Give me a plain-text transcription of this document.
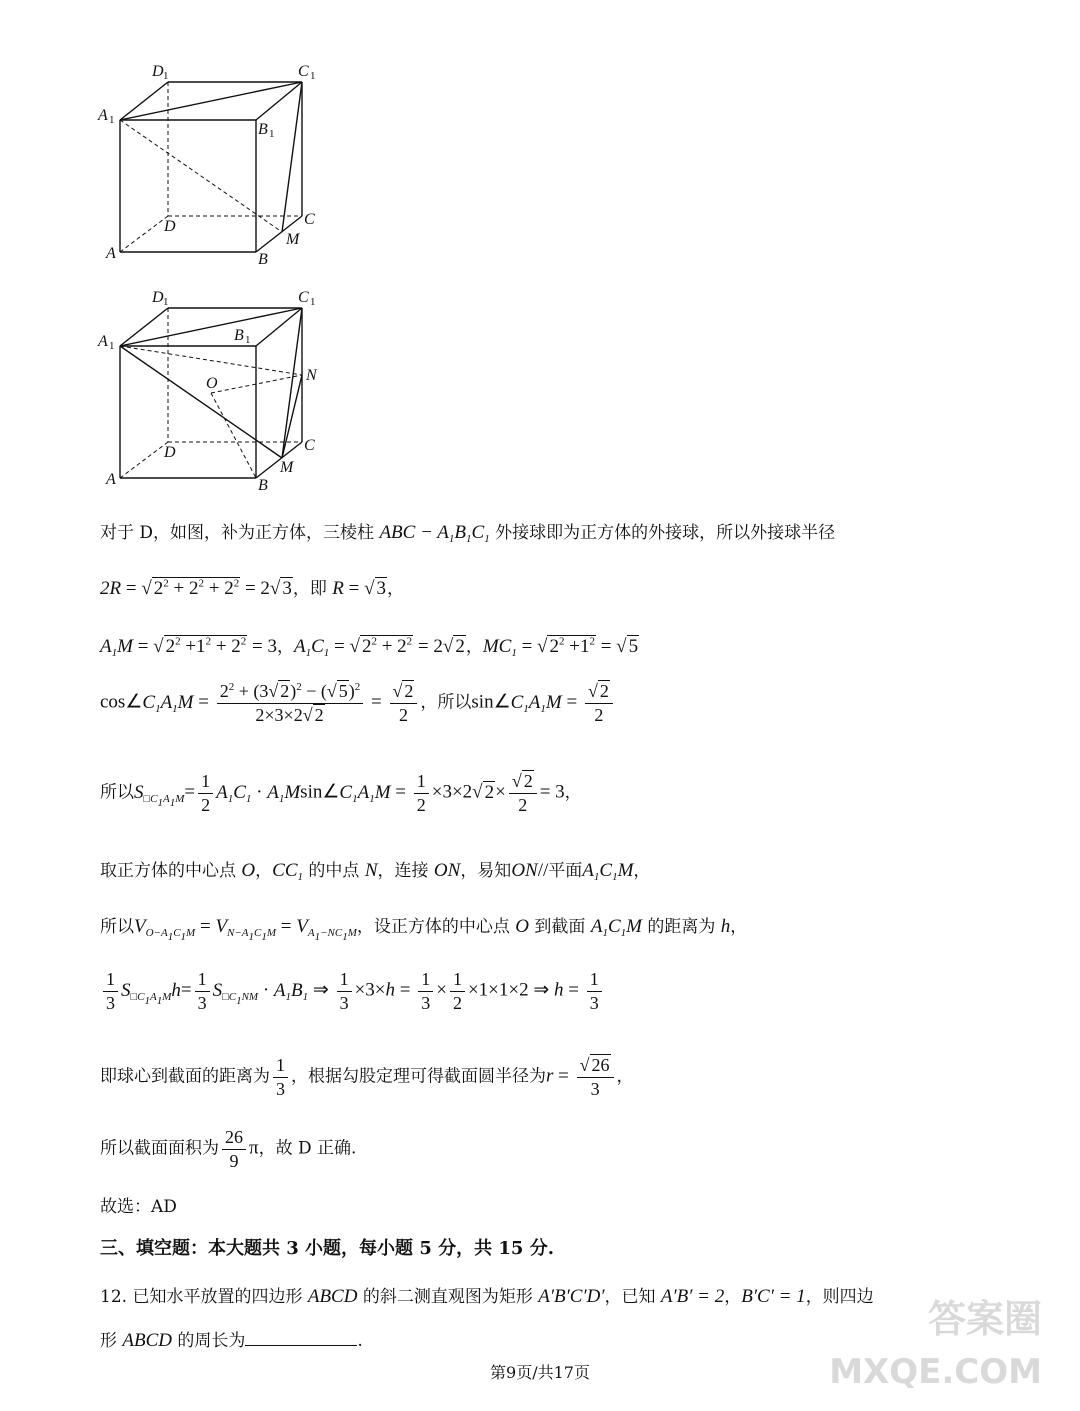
D 1	C 1
A 1
B 1
D	C
M
A	B
D 1	C 1
A 1
B 1
O	N
D	C
M
A	B
对于 D，如图，补为正方体，三棱柱 ABC − $A_1B_1C_1$ 外接球即为正方体的外接球，所以外接球半径
2R = √ $2^2 + 2^2 + 2^2 = 2√$ 3，即 R = √ 3，
$A_1M$ = √ $2^2 +1^2 + 2^2 = 3$，$A_1C_1$ = √ $2^2 + 2^2 = 2√$ 2，$MC_1$ = √ $2^2 +1^2$ = √ 5
$\cos\angle C_1A_1M = \frac{2^2 + (3√ 2)^2 - (√ 5)^2}{2\times 3\times 2√ 2} = \frac{√ 2}{2}$ ，所以$\sin\angle C_1A_1M = \frac{√ 2}{2}$
所以$S_{□C_1A_1M}= \frac{1}{2} A_1C_1$ · $A_1Msin\angle C_1A_1M = \frac{1}{2} \times 3\times 2√$ $2\times \frac{√ 2}{2} = 3$，
取正方体的中心点 O，$CC_1$ 的中点 N，连接 ON，易知ON//平面$A_1C_1M$，
所以$V_{O-A_1C_1M} = V_{N-A_1C_1M} = V_{A_1-NC_1M}$，设正方体的中心点 O 到截面 $A_1C_1M$ 的距离为 h，
$\frac{1}{3} S_{□C_1A_1M}h= \frac{1}{3} S_{□C_1NM} \cdot A_1B_1$ ⇒ $\frac{1}{3} \times 3\times h = \frac{1}{3} \times \frac{1}{2} \times 1\times 1\times 2$ ⇒ $h = \frac{1}{3}$
即球心到截面的距离为 $\frac{1}{3}$ ，根据勾股定理可得截面圆半径为$r = \frac{√ 26}{3}$ ，
所以截面面积为 $\frac{26}{9}$ π，故 D 正确.
故选：AD
三、填空题：本大题共 3 小题，每小题 5 分，共 15 分.
12. 已知水平放置的四边形 ABCD 的斜二测直观图为矩形 A′B′C′D′，已知 A′B′ = 2，B′C′ = 1，则四边
形 ABCD 的周长为	.
第9页/共17页
答案圈
MXQE.COM
